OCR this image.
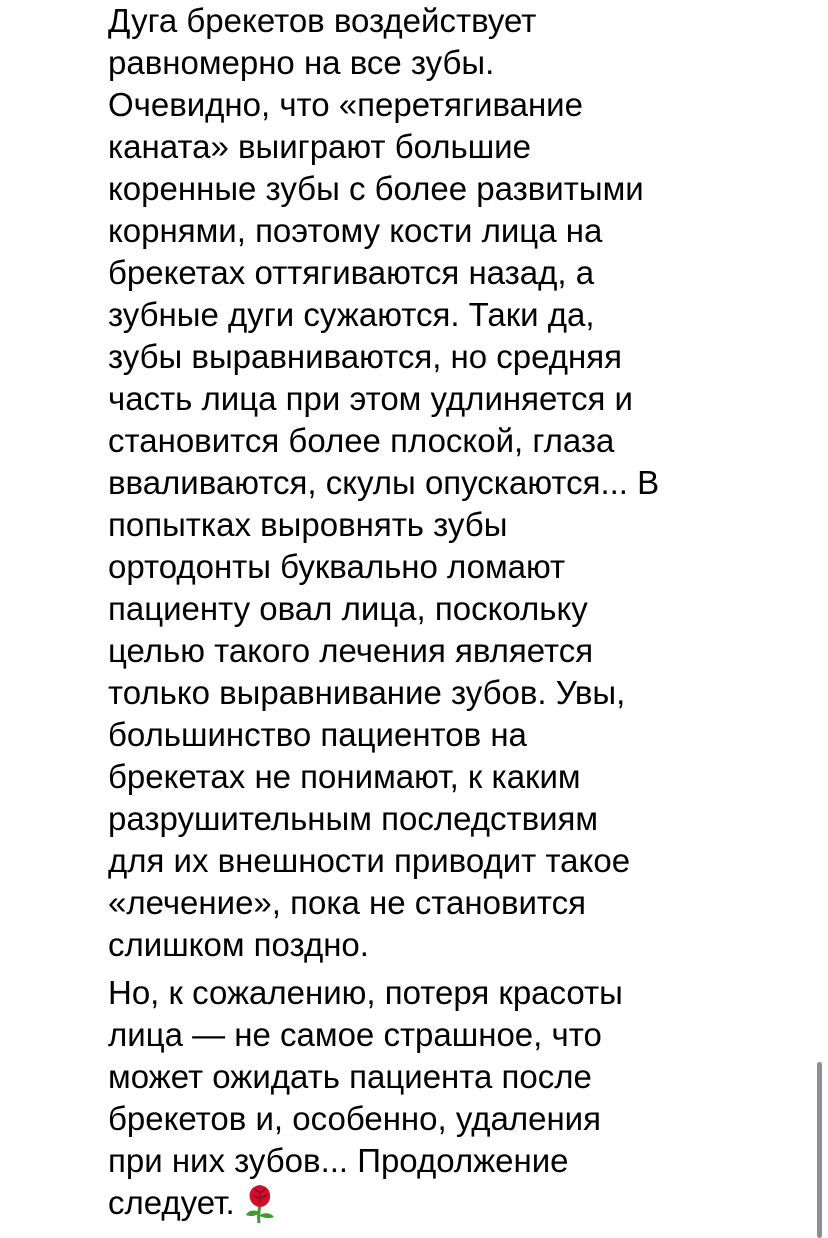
Дуга брекетов воздействует
равномерно на все зубы.
Очевидно, что «перетягивание
каната» выиграют большие
коренные зубы с более развитыми
корнями, поэтому кости лица на
брекетах оттягиваются назад, а
зубные дуги сужаются. Таки да,
зубы выравниваются, но средняя
часть лица при этом удлиняется и
становится более плоской, глаза
вваливаются, скулы опускаются... В
попытках выровнять зубы
ортодонты буквально ломают
пациенту овал лица, поскольку
целью такого лечения является
только выравнивание зубов. Увы,
большинство пациентов на
брекетах не понимают, к каким
разрушительным последствиям
для их внешности приводит такое
«лечение», пока не становится
слишком поздно.
Но, к сожалению, потеря красоты
лица — не самое страшное, что
может ожидать пациента после
брекетов и, особенно, удаления
при них зубов... Продолжение
следует.
